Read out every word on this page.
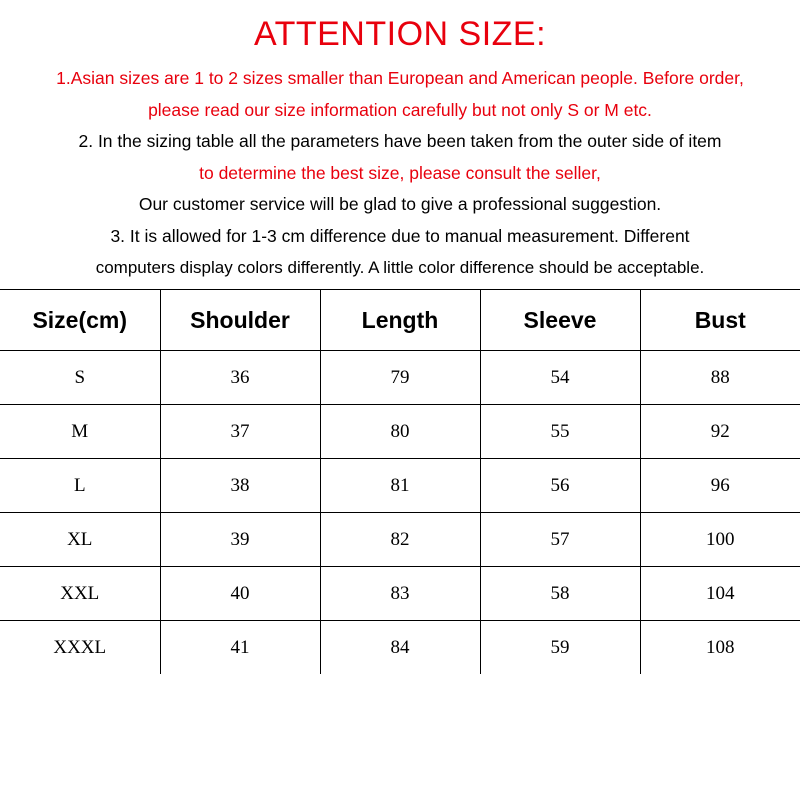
ATTENTION SIZE:
1.Asian sizes are 1 to 2 sizes smaller than European and American people. Before order,
please read our size information carefully but not only S or M etc.
2. In the sizing table all the parameters have been taken from the outer side of item
to determine the best size, please consult the seller,
Our customer service will be glad to give a professional suggestion.
3. It is allowed for 1-3 cm difference due to manual measurement. Different
computers display colors differently. A little color difference should be acceptable.
Size(cm)	Shoulder	Length	Sleeve	Bust
S	36	79	54	88
M	37	80	55	92
L	38	81	56	96
XL	39	82	57	100
XXL	40	83	58	104
XXXL	41	84	59	108
